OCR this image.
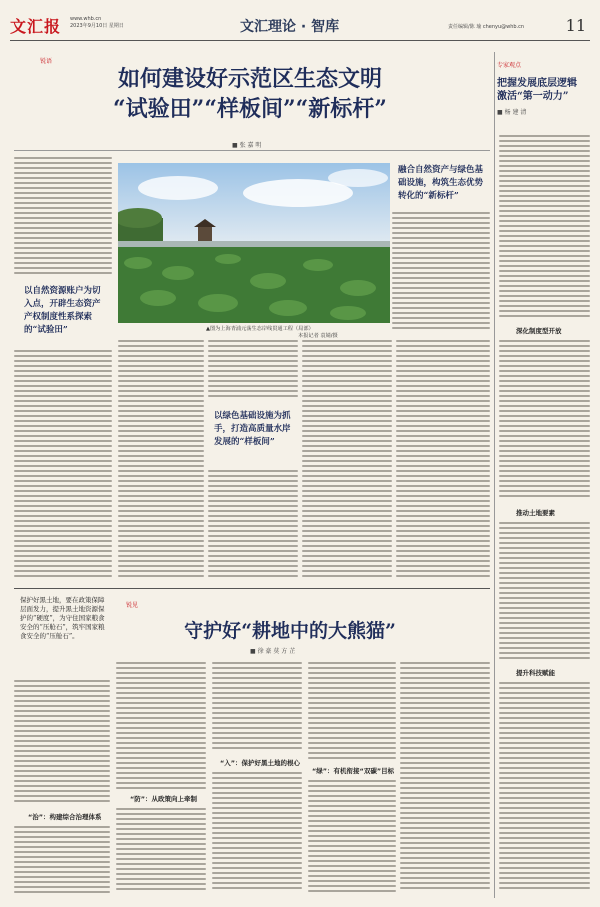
文汇报 www.whb.cn
2023年9月10日 星期日	文汇理论 · 智库	责任编辑/陈 瑜 chenyu@whb.cn	11
锐语
如何建设好示范区生态文明
“试验田”“样板间”“新标杆”
■ 张 嘉 明
以自然资源账户为切入点，开辟生态资产产权制度性系探索的“试验田”	▲图为上海青浦元荡生态岸线贯通工程（局部）
本报记者 袁婧/摄
融合自然资产与绿色基础设施，构筑生态优势转化的“新标杆”
以绿色基础设施为抓手，打造高质量水岸发展的“样板间”
锐见
保护好黑土地，要在政策保障层面发力，提升黑土地资源保护的“硬度”，为守住国家粮食安全的“压舱石”，筑牢国家粮食安全的“压舱石”。	守护好“耕地中的大熊猫”
■ 徐 豪 莫 方 芷
“治”：构建综合治理体系
“防”：从政策向上牵制
“入”：保护好黑土地的根心
“绿”：有机衔接“双碳”目标
专家观点
把握发展底层逻辑 激活“第一动力”
■ 杨 建 清
深化制度型开放
推动土地要素
提升科技赋能
